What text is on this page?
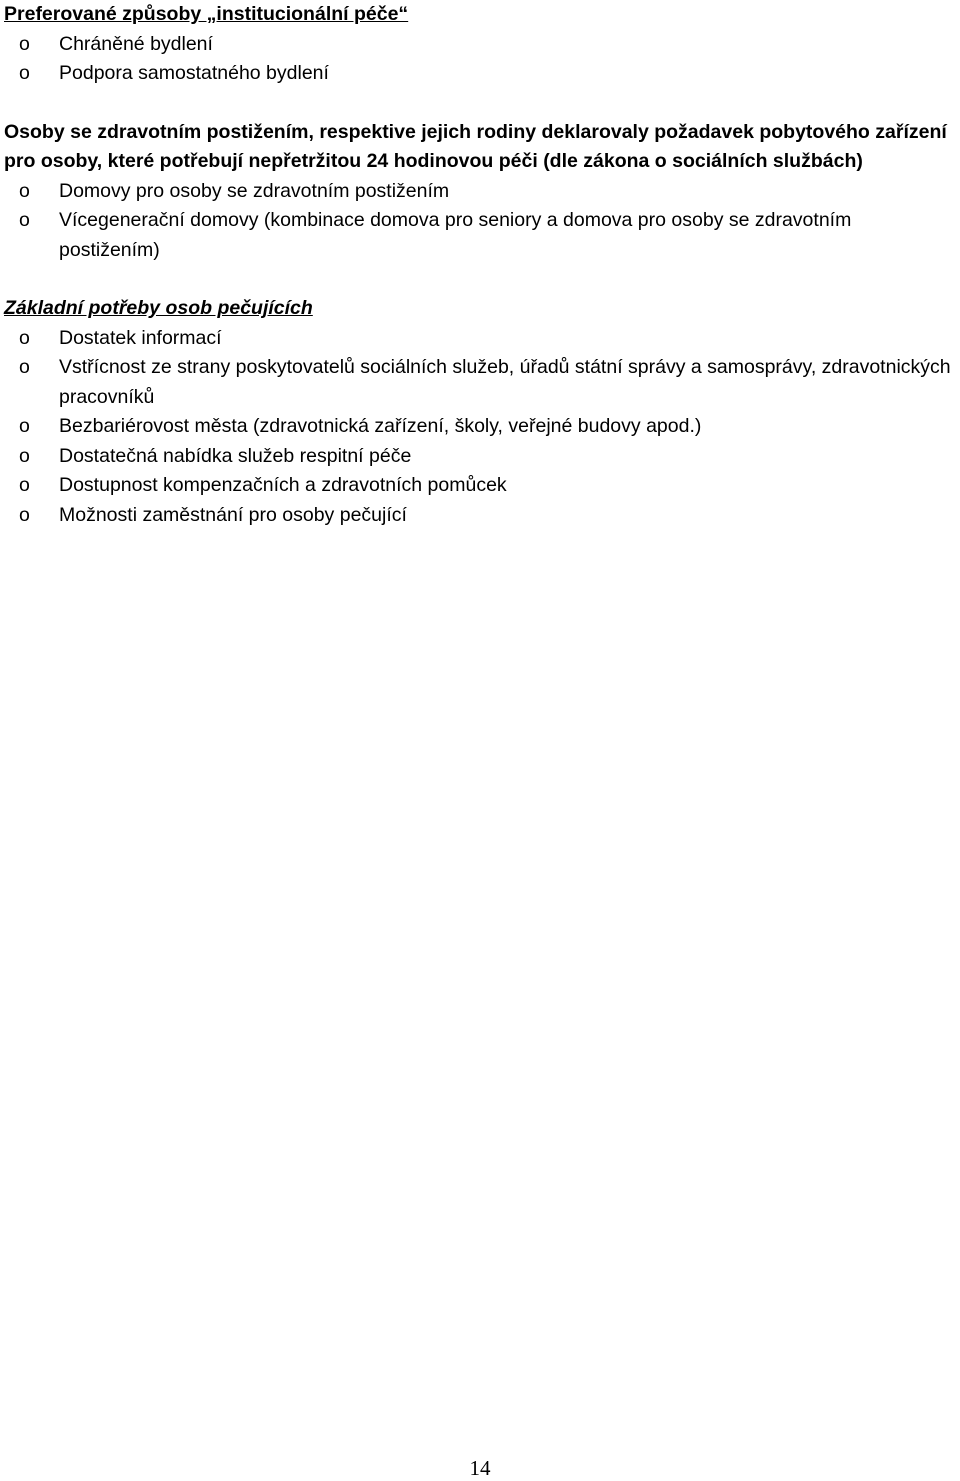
Preferované způsoby „institucionální péče“

o Chráněné bydlení
o Podpora samostatného bydlení

Osoby se zdravotním postižením, respektive jejich rodiny deklarovaly požadavek pobytového zařízení pro osoby, které potřebují nepřetržitou 24 hodinovou péči (dle zákona o sociálních službách)

o Domovy pro osoby se zdravotním postižením
o Vícegenerační domovy (kombinace domova pro seniory a domova pro osoby se zdravotním postižením)

Základní potřeby osob pečujících

o Dostatek informací
o Vstřícnost ze strany poskytovatelů sociálních služeb, úřadů státní správy a samosprávy, zdravotnických pracovníků
o Bezbariérovost města (zdravotnická zařízení, školy, veřejné budovy apod.)
o Dostatečná nabídka služeb respitní péče
o Dostupnost kompenzačních a zdravotních pomůcek
o Možnosti zaměstnání pro osoby pečující
14
